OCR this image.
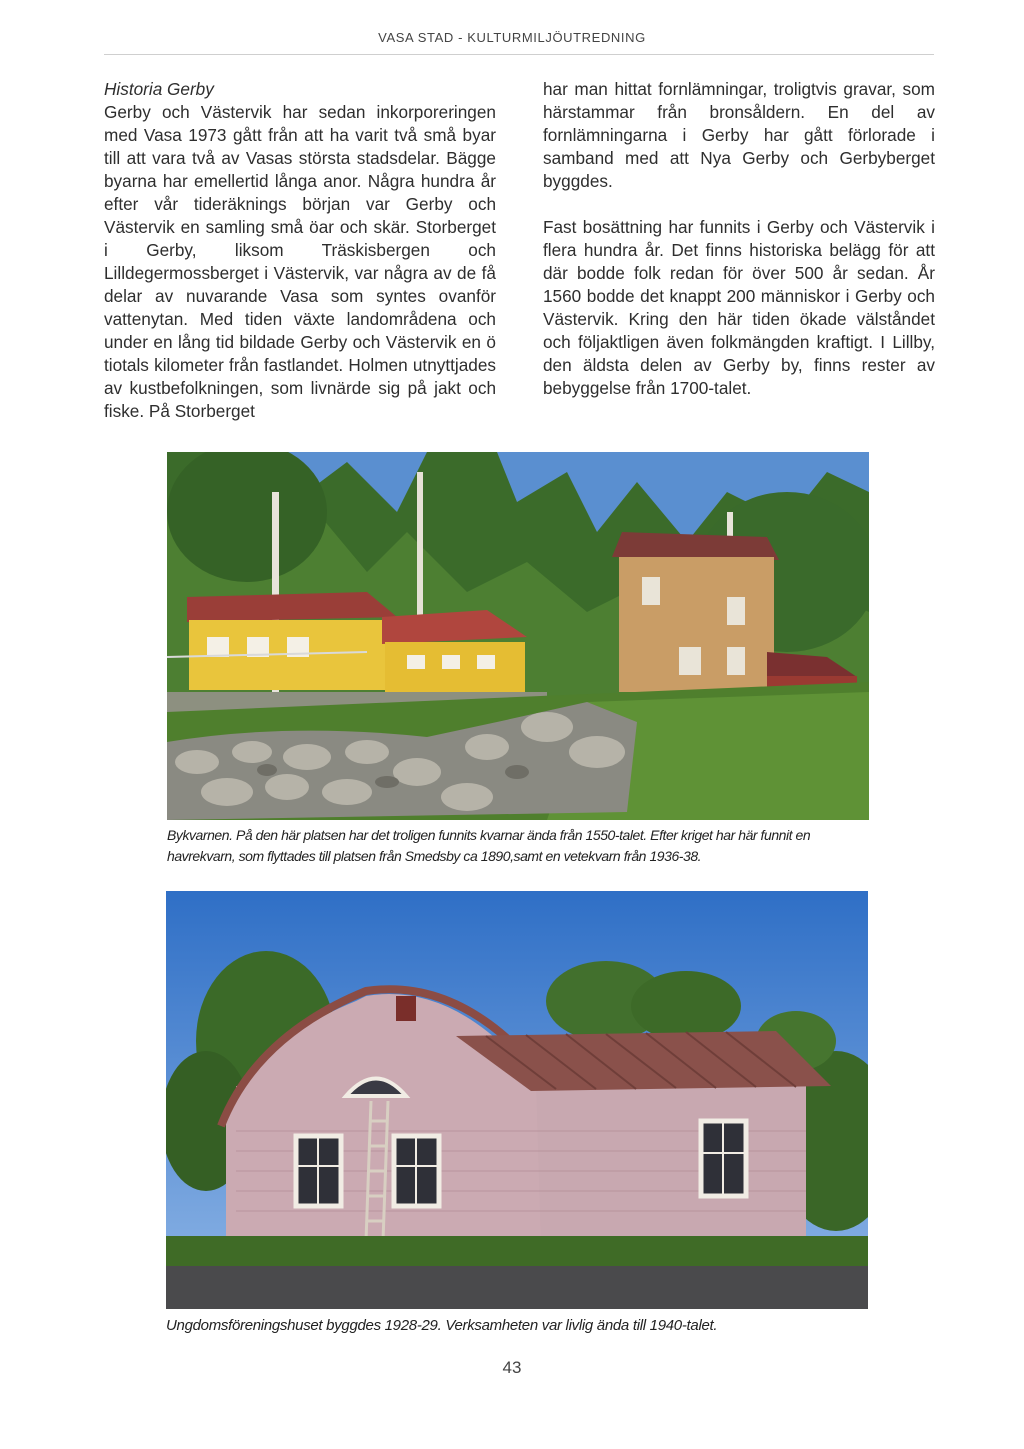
VASA STAD - KULTURMILJÖUTREDNING
Historia Gerby

Gerby och Västervik har sedan inkorporeringen med Vasa 1973 gått från att ha varit två små byar till att vara två av Vasas största stadsdelar. Bägge byarna har emellertid långa anor. Några hundra år efter vår tideräknings början var Gerby och Västervik en samling små öar och skär. Storberget i Gerby, liksom Träskisbergen och Lilldegermossberget i Västervik, var några av de få delar av nuvarande Vasa som syntes ovanför vattenytan. Med tiden växte landområdena och under en lång tid bildade Gerby och Västervik en ö tiotals kilometer från fastlandet. Holmen utnyttjades av kustbefolkningen, som livnärde sig på jakt och fiske. På Storberget

har man hittat fornlämningar, troligtvis gravar, som härstammar från bronsåldern. En del av fornlämningarna i Gerby har gått förlorade i samband med att Nya Gerby och Gerbyberget byggdes.

Fast bosättning har funnits i Gerby och Västervik i flera hundra år. Det finns historiska belägg för att där bodde folk redan för över 500 år sedan. År 1560 bodde det knappt 200 människor i Gerby och Västervik. Kring den här tiden ökade välståndet och följaktligen även folkmängden kraftigt. I Lillby, den äldsta delen av Gerby by, finns rester av bebyggelse från 1700-talet.

Bykvarnen. På den här platsen har det troligen funnits kvarnar ända från 1550-talet. Efter kriget har här funnit en havrekvarn, som flyttades till platsen från Smedsby ca 1890,samt en vetekvarn från 1936-38.
Ungdomsföreningshuset byggdes 1928-29. Verksamheten var livlig ända till 1940-talet.
43
